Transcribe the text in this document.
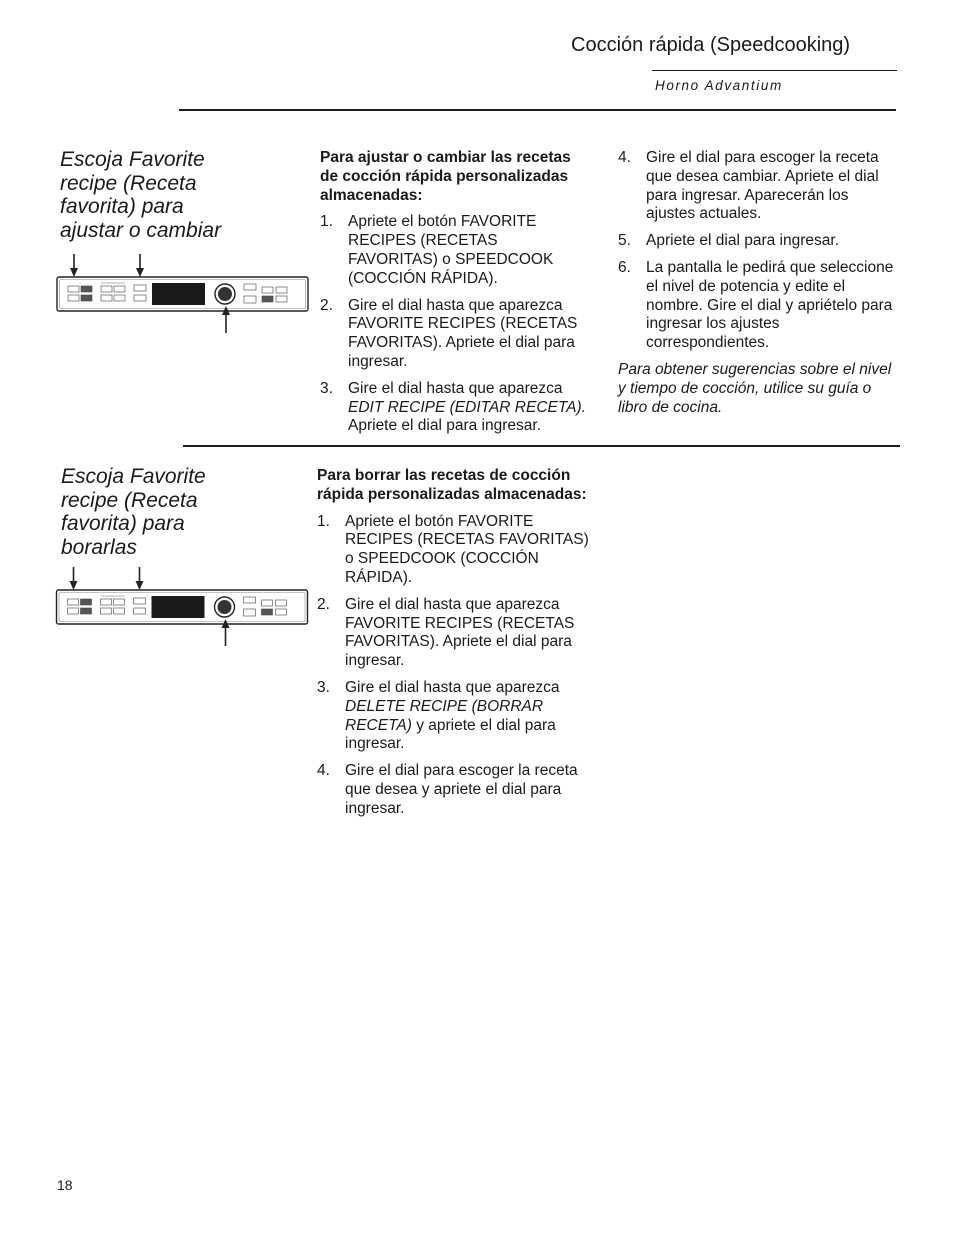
Cocción rápida (Speedcooking)
Horno Advantium
Escoja Favorite
recipe (Receta
favorita) para
ajustar o cambiar

Para ajustar o cambiar las recetas de cocción rápida personalizadas almacenadas:

1. Apriete el botón FAVORITE RECIPES (RECETAS FAVORITAS) o SPEEDCOOK (COCCIÓN RÁPIDA).
2. Gire el dial hasta que aparezca FAVORITE RECIPES (RECETAS FAVORITAS). Apriete el dial para ingresar.
3. Gire el dial hasta que aparezca EDIT RECIPE (EDITAR RECETA). Apriete el dial para ingresar.
4. Gire el dial para escoger la receta que desea cambiar. Apriete el dial para ingresar. Aparecerán los ajustes actuales.
5. Apriete el dial para ingresar.
6. La pantalla le pedirá que seleccione el nivel de potencia y edite el nombre. Gire el dial y apriételo para ingresar los ajustes correspondientes.

Para obtener sugerencias sobre el nivel y tiempo de cocción, utilice su guía o libro de cocina.

Escoja Favorite
recipe (Receta
favorita) para
borarlas

Para borrar las recetas de cocción rápida personalizadas almacenadas:

1. Apriete el botón FAVORITE RECIPES (RECETAS FAVORITAS) o SPEEDCOOK (COCCIÓN RÁPIDA).
2. Gire el dial hasta que aparezca FAVORITE RECIPES (RECETAS FAVORITAS). Apriete el dial para ingresar.
3. Gire el dial hasta que aparezca DELETE RECIPE (BORRAR RECETA) y apriete el dial para ingresar.
4. Gire el dial para escoger la receta que desea y apriete el dial para ingresar.
18
